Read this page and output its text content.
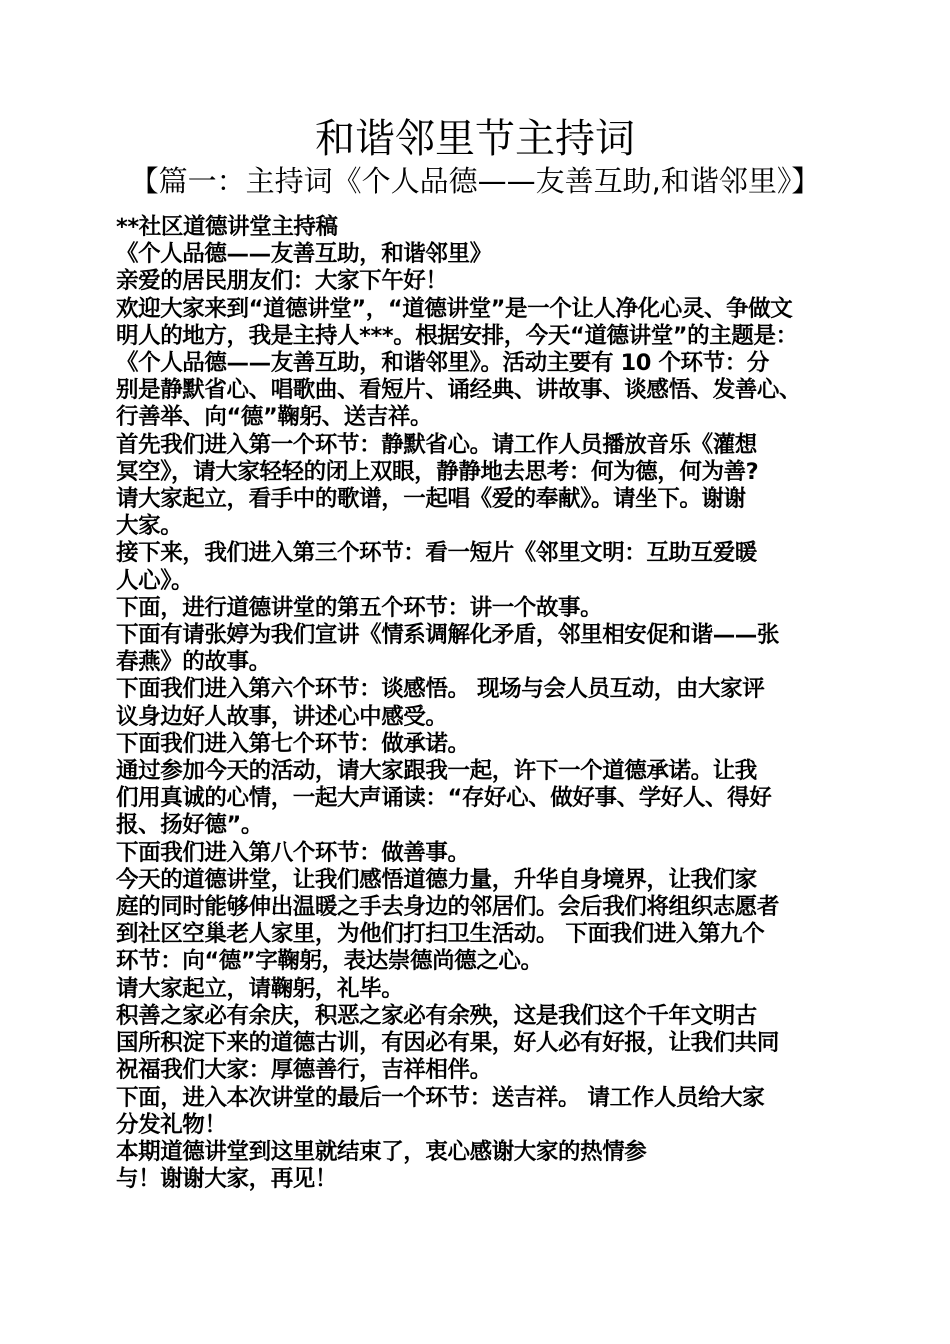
和谐邻里节主持词
【篇一：主持词《个人品德——友善互助,和谐邻里》】

**社区道德讲堂主持稿

《个人品德——友善互助，和谐邻里》

亲爱的居民朋友们：大家下午好！

欢迎大家来到“道德讲堂”，“道德讲堂”是一个让人净化心灵、争做文

明人的地方，我是主持人***。根据安排，今天“道德讲堂”的主题是：

《个人品德——友善互助，和谐邻里》。活动主要有 10 个环节：分

别是静默省心、唱歌曲、看短片、诵经典、讲故事、谈感悟、发善心、

行善举、向“德”鞠躬、送吉祥。

首先我们进入第一个环节：静默省心。请工作人员播放音乐《灌想

冥空》，请大家轻轻的闭上双眼，静静地去思考：何为德，何为善?

请大家起立，看手中的歌谱，一起唱《爱的奉献》。请坐下。谢谢

大家。

接下来，我们进入第三个环节：看一短片《邻里文明：互助互爱暖

人心》。

下面，进行道德讲堂的第五个环节：讲一个故事。

下面有请张婷为我们宣讲《情系调解化矛盾，邻里相安促和谐——张

春燕》的故事。

下面我们进入第六个环节：谈感悟。 现场与会人员互动，由大家评

议身边好人故事，讲述心中感受。

下面我们进入第七个环节：做承诺。

通过参加今天的活动，请大家跟我一起，许下一个道德承诺。让我

们用真诚的心情，一起大声诵读：“存好心、做好事、学好人、得好

报、扬好德”。

下面我们进入第八个环节：做善事。

今天的道德讲堂，让我们感悟道德力量，升华自身境界，让我们家

庭的同时能够伸出温暖之手去身边的邻居们。会后我们将组织志愿者

到社区空巢老人家里，为他们打扫卫生活动。 下面我们进入第九个

环节：向“德”字鞠躬，表达崇德尚德之心。

请大家起立，请鞠躬，礼毕。

积善之家必有余庆，积恶之家必有余殃，这是我们这个千年文明古

国所积淀下来的道德古训，有因必有果，好人必有好报，让我们共同

祝福我们大家：厚德善行，吉祥相伴。

下面，进入本次讲堂的最后一个环节：送吉祥。 请工作人员给大家

分发礼物！

本期道德讲堂到这里就结束了，衷心感谢大家的热情参

与！谢谢大家，再见！
